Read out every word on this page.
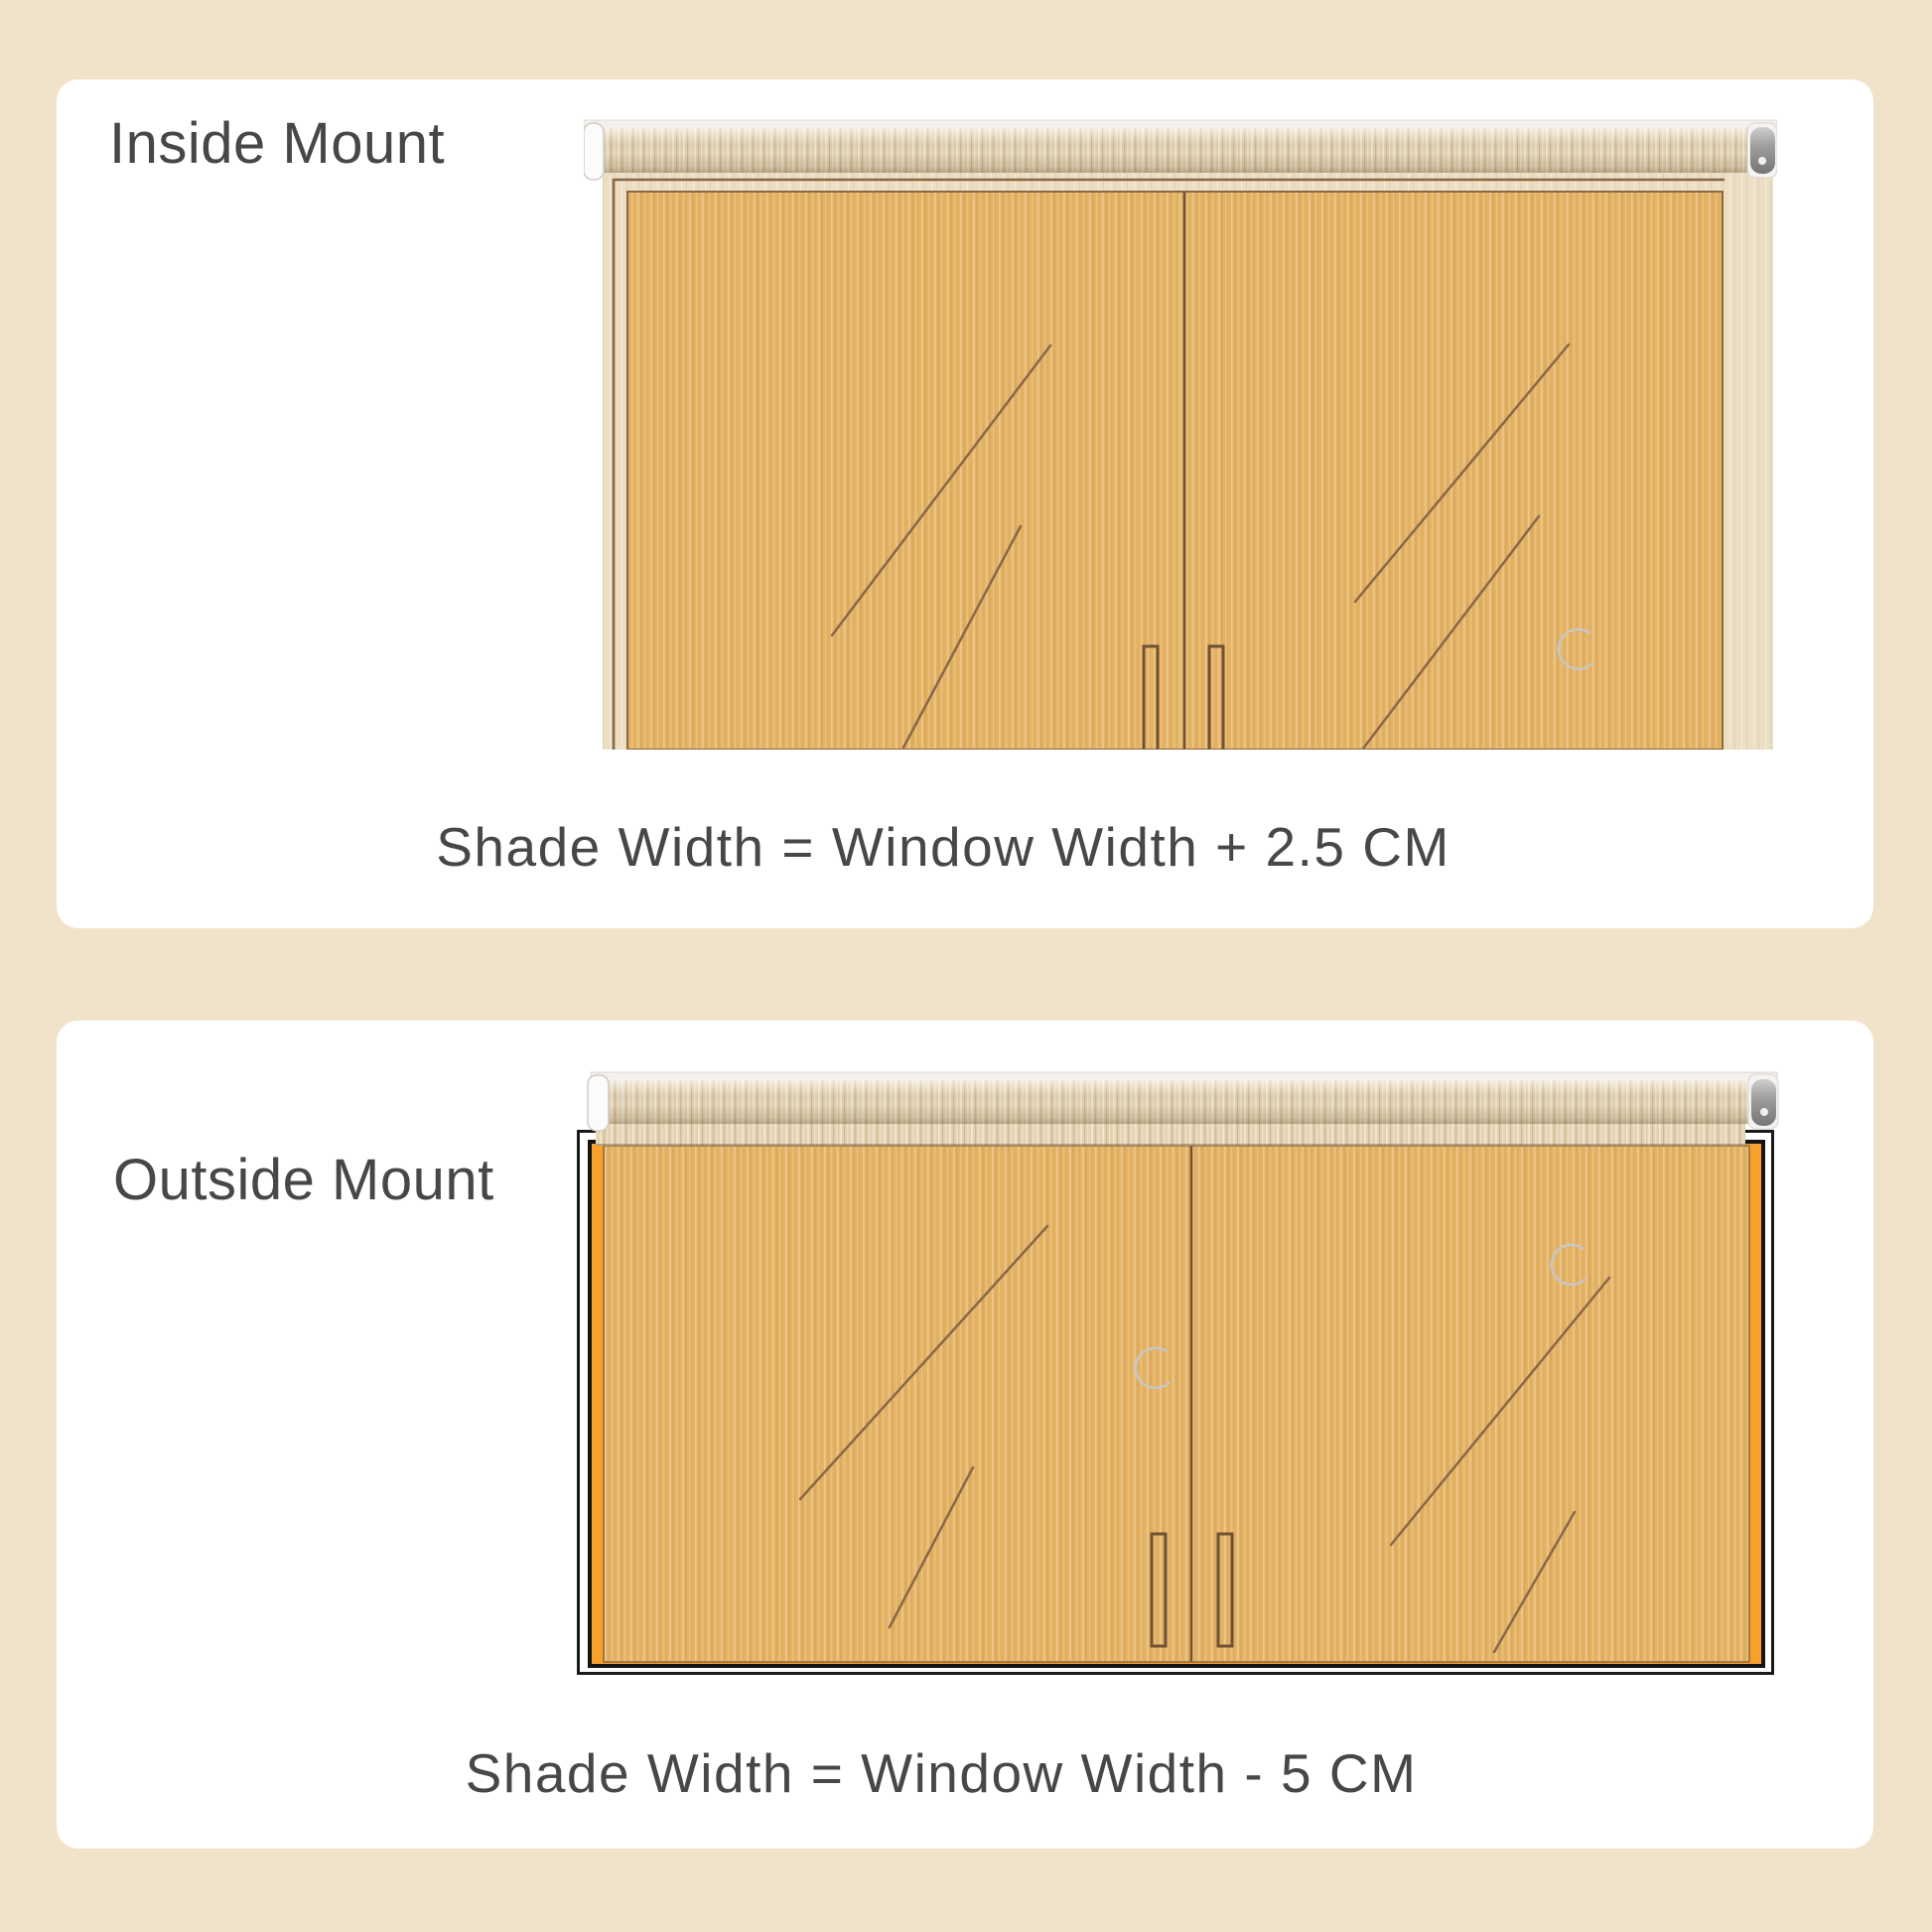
Inside Mount
Shade Width = Window Width + 2.5 CM
Outside Mount
Shade Width = Window Width - 5 CM
